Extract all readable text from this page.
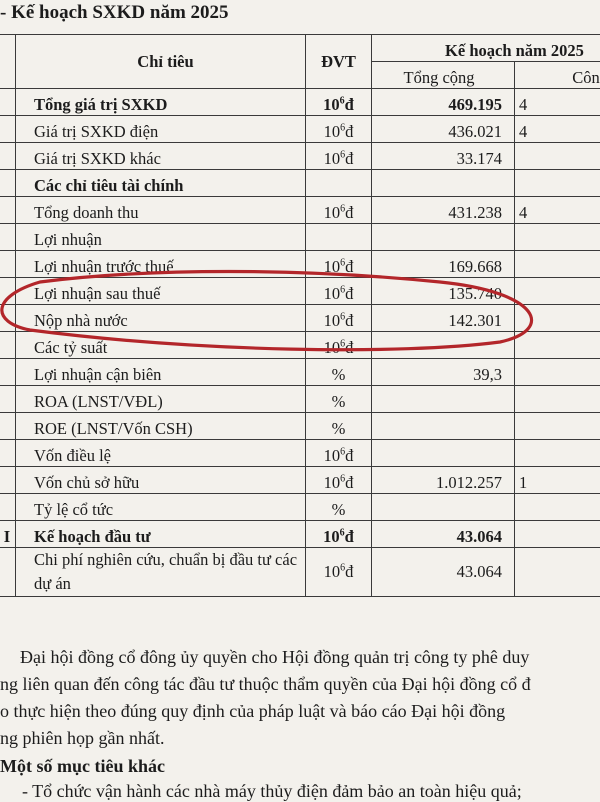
- Kế hoạch SXKD năm 2025
	Chỉ tiêu	ĐVT	Kế hoạch năm 2025	
			Tổng cộng	Côn
	Tổng giá trị SXKD	$10^6đ$	469.195	4
	Giá trị SXKD điện	$10^6đ$	436.021	4
	Giá trị SXKD khác	$10^6đ$	33.174	
	Các chỉ tiêu tài chính			
	Tổng doanh thu	$10^6đ$	431.238	4
	Lợi nhuận			
	Lợi nhuận trước thuế	$10^6đ$	169.668	
	Lợi nhuận sau thuế	$10^6đ$	135.740	
	Nộp nhà nước	$10^6đ$	142.301	
	Các tỷ suất	$10^6đ$		
	Lợi nhuận cận biên	%	39,3	
	ROA (LNST/VĐL)	%		
	ROE (LNST/Vốn CSH)	%		
	Vốn điều lệ	$10^6đ$		
	Vốn chủ sở hữu	$10^6đ$	1.012.257	1
	Tỷ lệ cổ tức	%		
I	Kế hoạch đầu tư	$10^6đ$	43.064	
	Chi phí nghiên cứu, chuẩn bị đầu tư các dự án	$10^6đ$	43.064	
Đại hội đồng cổ đông ủy quyền cho Hội đồng quản trị công ty phê duy
ng liên quan đến công tác đầu tư thuộc thẩm quyền của Đại hội đồng cổ đ
o thực hiện theo đúng quy định của pháp luật và báo cáo Đại hội đồng
ng phiên họp gần nhất.
Một số mục tiêu khác
- Tổ chức vận hành các nhà máy thủy điện đảm bảo an toàn hiệu quả;
